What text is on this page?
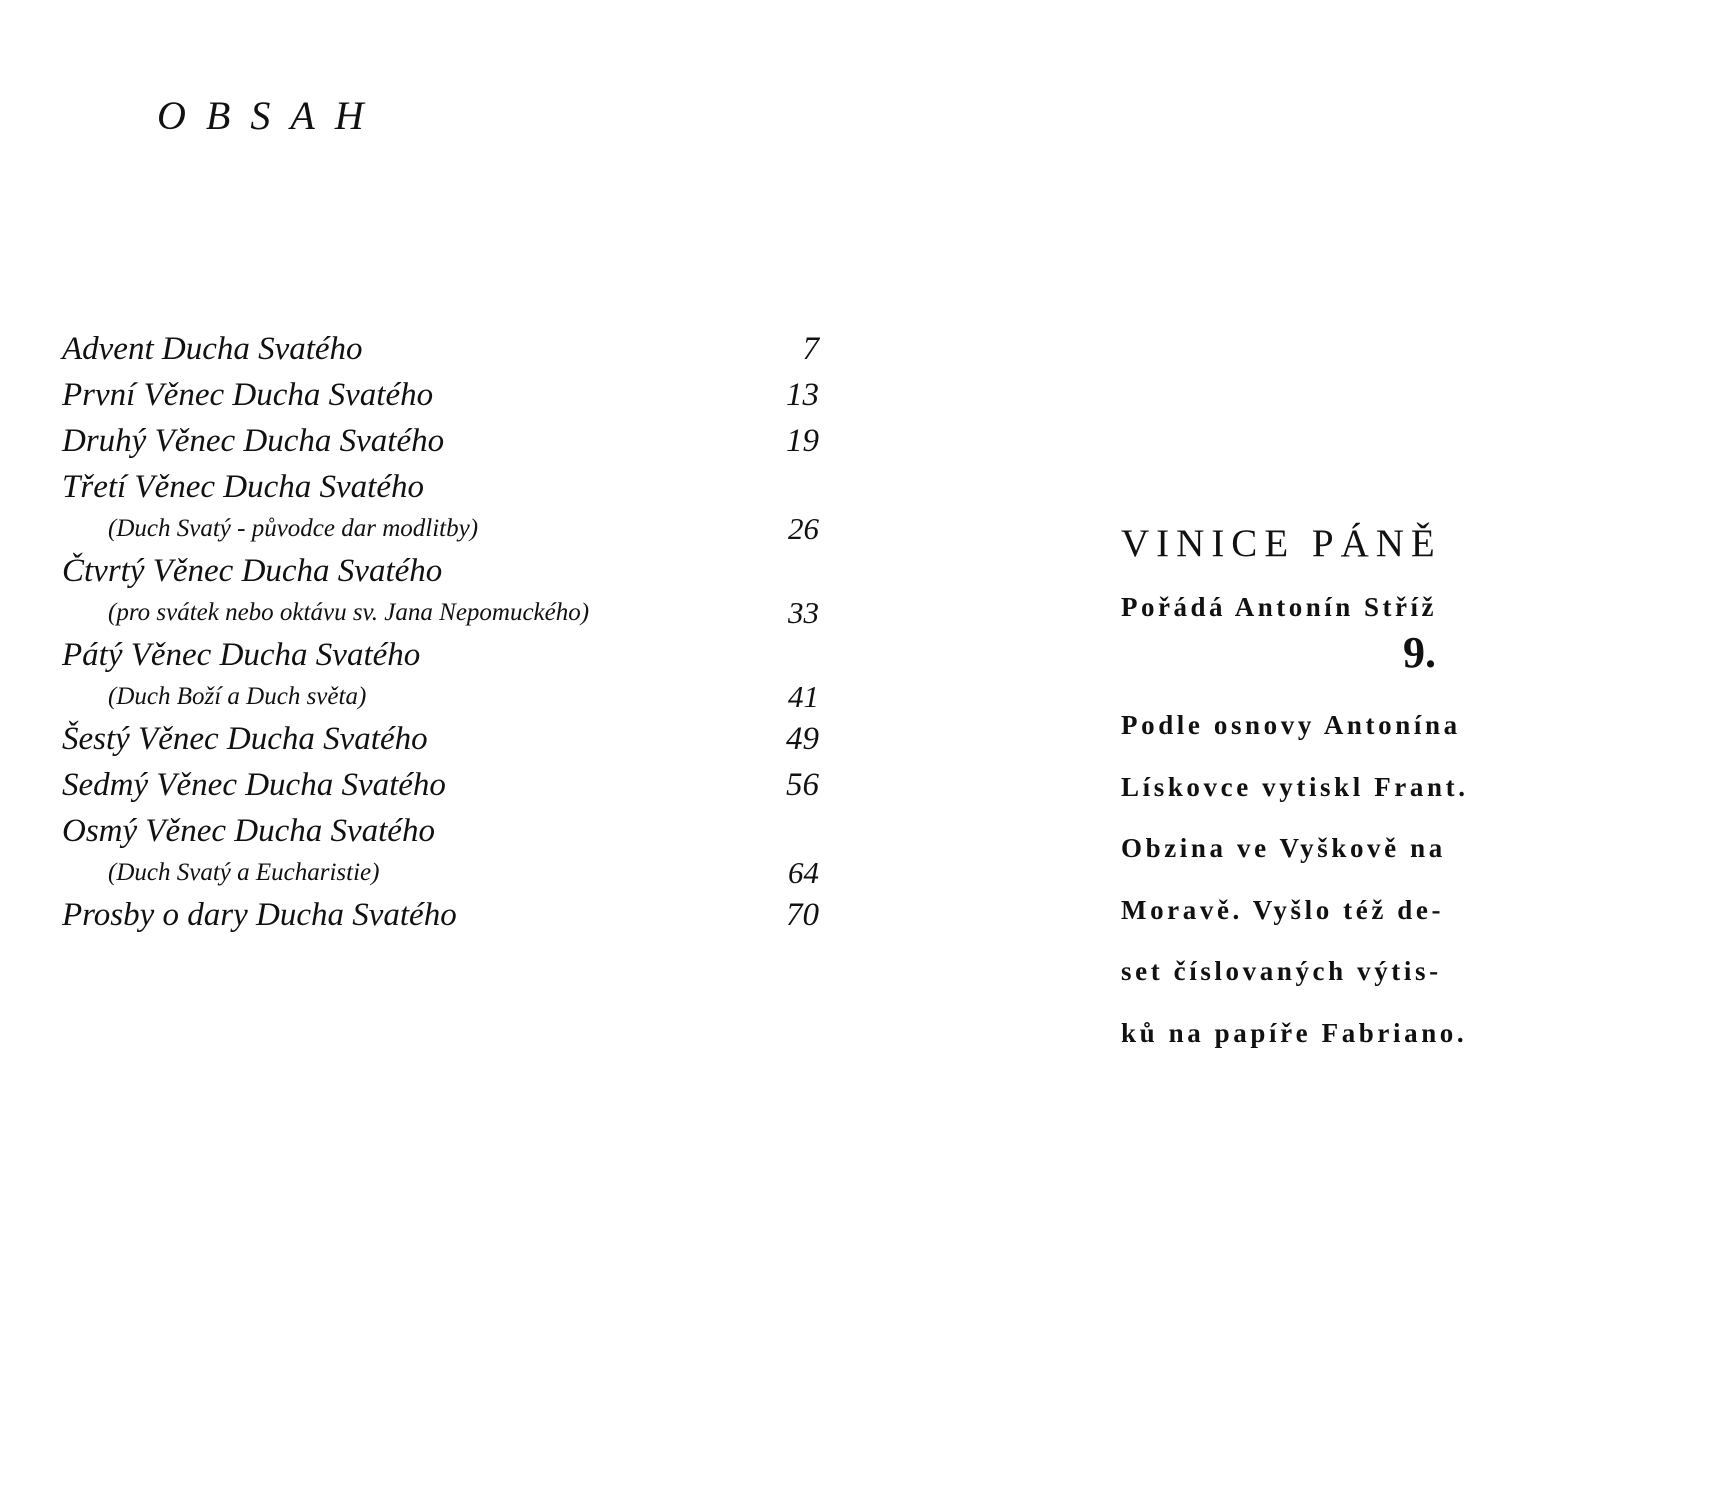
OBSAH
Advent Ducha Svatého	7
První Věnec Ducha Svatého	13
Druhý Věnec Ducha Svatého	19
Třetí Věnec Ducha Svatého
(Duch Svatý - původce dar modlitby)	26
Čtvrtý Věnec Ducha Svatého
(pro svátek nebo oktávu sv. Jana Nepomuckého)	33
Pátý Věnec Ducha Svatého
(Duch Boží a Duch světa)	41
Šestý Věnec Ducha Svatého	49
Sedmý Věnec Ducha Svatého	56
Osmý Věnec Ducha Svatého
(Duch Svatý a Eucharistie)	64
Prosby o dary Ducha Svatého	70
VINICE PÁNĚ
Pořádá Antonín Stříž
9.
Podle osnovy Antonína
Lískovce vytiskl Frant.
Obzina ve Vyškově na
Moravě. Vyšlo též de-
set číslovaných výtis-
ků na papíře Fabriano.
